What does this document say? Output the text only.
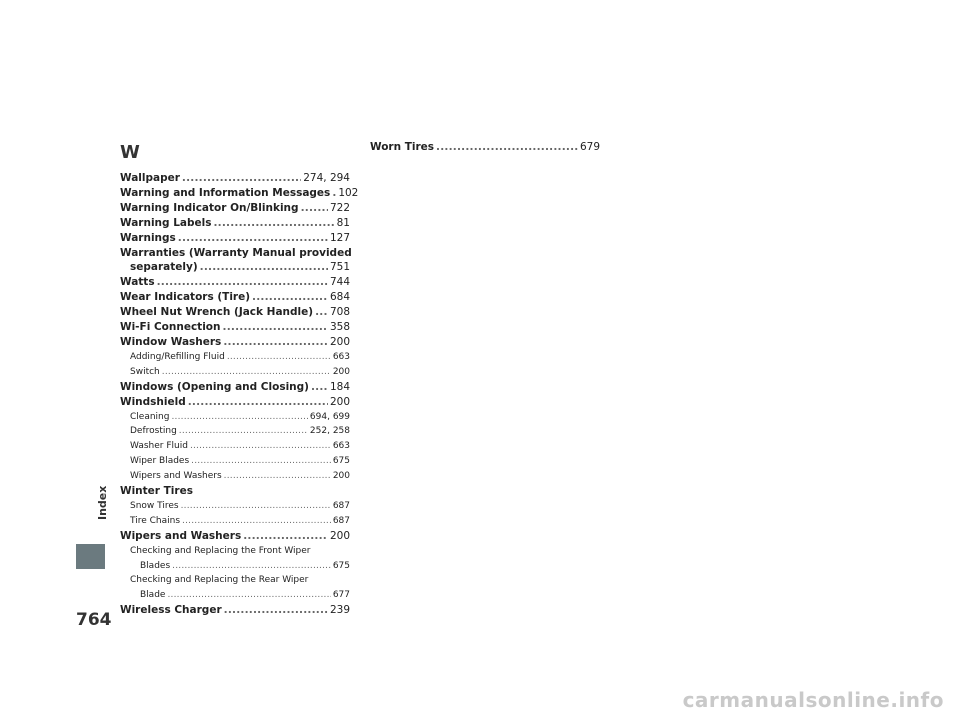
Index
764
W
Wallpaper .....	274, 294
Warning and Information Messages ..... 102
Warning Indicator On/Blinking .....	722
Warning Labels .....	81
Warnings .....	127
Warranties (Warranty Manual provided
separately) .....	751
Watts .....	744
Wear Indicators (Tire) .....	684
Wheel Nut Wrench (Jack Handle) ..... 708
Wi-Fi Connection .....	358
Window Washers .....	200
Adding/Refilling Fluid .....	663
Switch .....	200
Windows (Opening and Closing) ..... 184
Windshield .....	200
Cleaning .....	694, 699
Defrosting .....	252, 258
Washer Fluid .....	663
Wiper Blades .....	675
Wipers and Washers .....	200
Winter Tires
Snow Tires .....	687
Tire Chains .....	687
Wipers and Washers .....	200
Checking and Replacing the Front Wiper
Blades .....	675
Checking and Replacing the Rear Wiper
Blade .....	677
Wireless Charger .....	239
Worn Tires .....	679
carmanualsonline.info
